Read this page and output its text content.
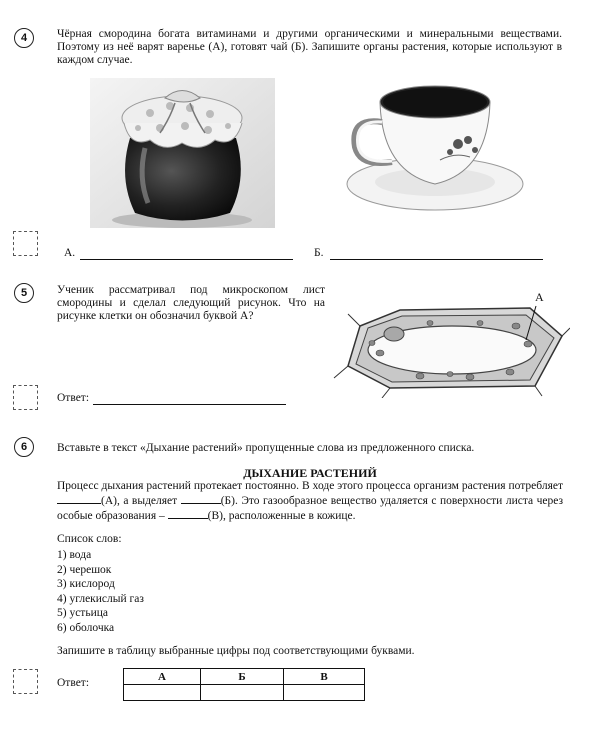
4	Чёрная смородина богата витаминами и другими органическими и минеральными веществами. Поэтому из неё варят варенье (А), готовят чай (Б). Запишите органы растения, которые используют в каждом случае.
А.	Б.
5	Ученик рассматривал под микроскопом лист смородины и сделал следующий рисунок. Что на рисунке клетки он обозначил буквой А?
А
Ответ:
6	Вставьте в текст «Дыхание растений» пропущенные слова из предложенного списка.
ДЫХАНИЕ РАСТЕНИЙ
Процесс дыхания растений протекает постоянно. В ходе этого процесса организм растения потребляет (А), а выделяет	(Б). Это газообразное вещество удаляется с поверхности листа через особые образования –	(В), расположенные в кожице.
Список слов:
1) вода
2) черешок
3) кислород
4) углекислый газ
5) устьица
6) оболочка
Запишите в таблицу выбранные цифры под соответствующими буквами.
Ответ:
А	Б	В
